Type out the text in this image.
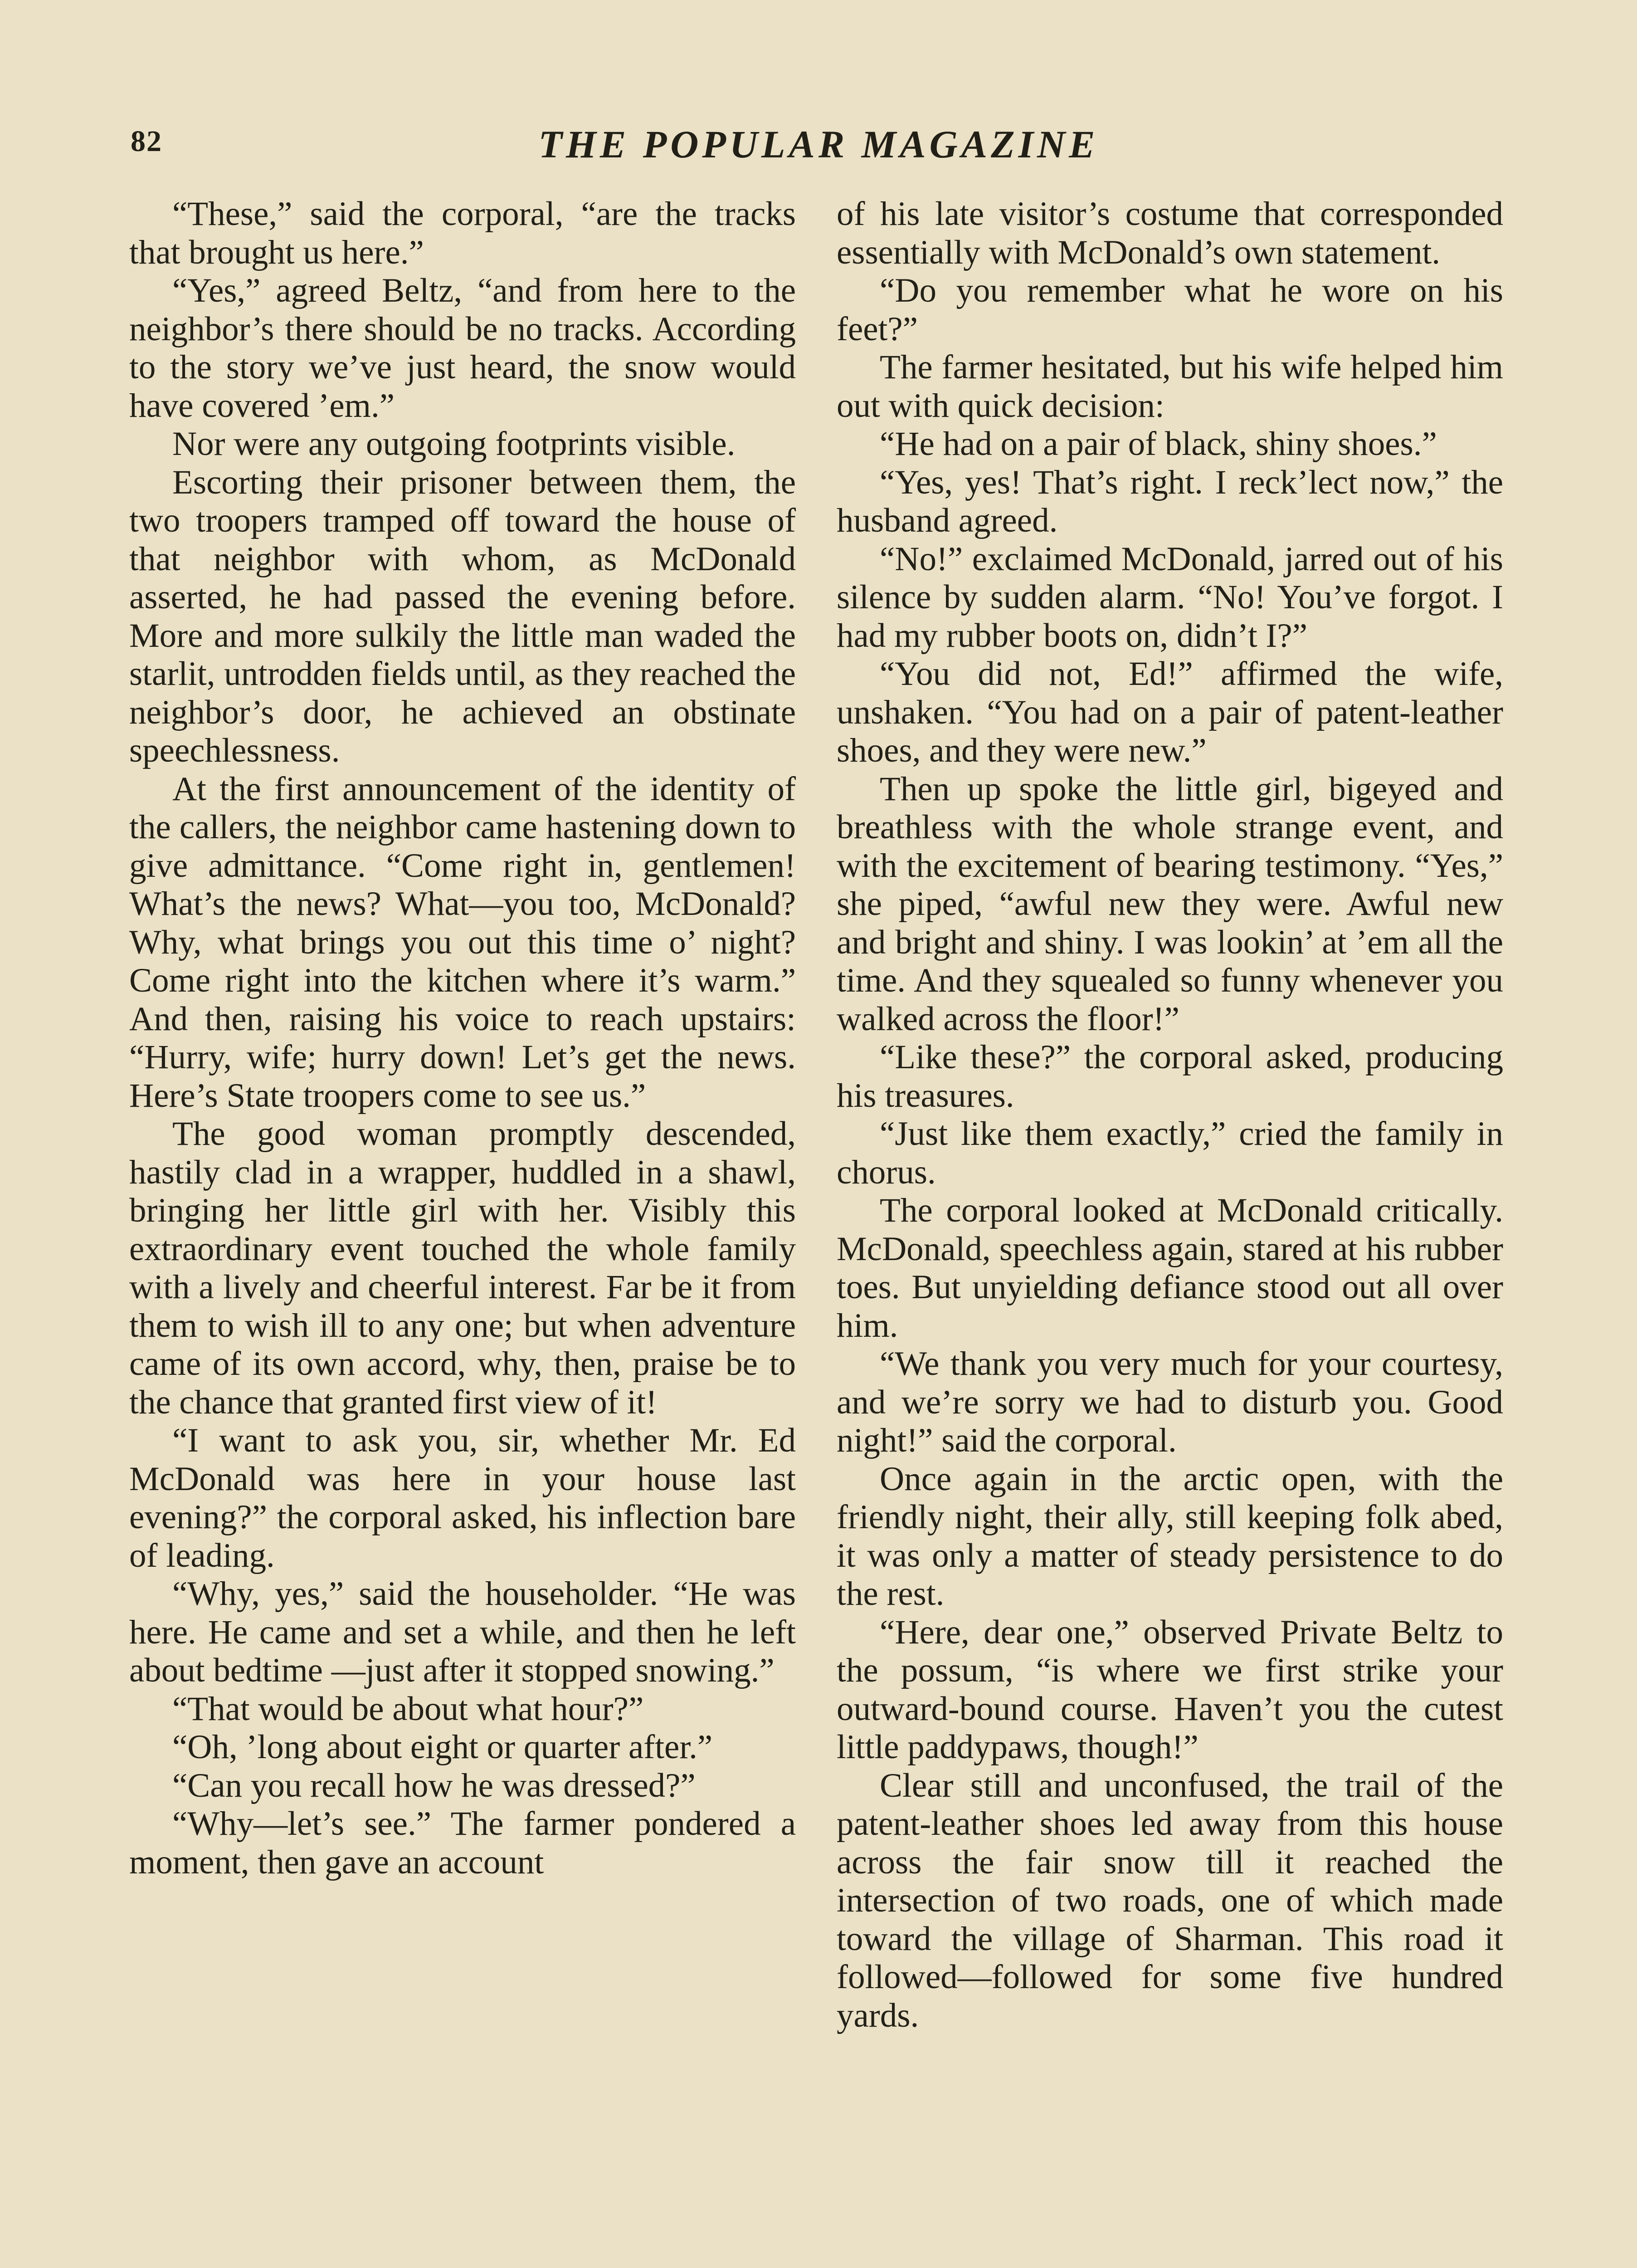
82	THE POPULAR MAGAZINE

“These,” said the corporal, “are the tracks that brought us here.”

“Yes,” agreed Beltz, “and from here to the neighbor’s there should be no tracks. According to the story we’ve just heard, the snow would have covered ’em.”

Nor were any outgoing footprints visible.

Escorting their prisoner between them, the two troopers tramped off toward the house of that neighbor with whom, as McDonald asserted, he had passed the evening before. More and more sulkily the little man waded the starlit, untrodden fields until, as they reached the neighbor’s door, he achieved an obstinate speechlessness.

At the first announcement of the identity of the callers, the neighbor came hastening down to give admittance. “Come right in, gentlemen! What’s the news? What—you too, McDonald? Why, what brings you out this time o’ night? Come right into the kitchen where it’s warm.” And then, raising his voice to reach upstairs: “Hurry, wife; hurry down! Let’s get the news. Here’s State troopers come to see us.”

The good woman promptly descended, hastily clad in a wrapper, huddled in a shawl, bringing her little girl with her. Visibly this extraordinary event touched the whole family with a lively and cheerful interest. Far be it from them to wish ill to any one; but when adventure came of its own accord, why, then, praise be to the chance that granted first view of it!

“I want to ask you, sir, whether Mr. Ed McDonald was here in your house last evening?” the corporal asked, his inflection bare of leading.

“Why, yes,” said the householder. “He was here. He came and set a while, and then he left about bedtime —just after it stopped snowing.”

“That would be about what hour?”

“Oh, ’long about eight or quarter after.”

“Can you recall how he was dressed?”

“Why—let’s see.” The farmer pondered a moment, then gave an account

of his late visitor’s costume that corresponded essentially with McDonald’s own statement.

“Do you remember what he wore on his feet?”

The farmer hesitated, but his wife helped him out with quick decision:

“He had on a pair of black, shiny shoes.”

“Yes, yes! That’s right. I reck’lect now,” the husband agreed.

“No!” exclaimed McDonald, jarred out of his silence by sudden alarm. “No! You’ve forgot. I had my rubber boots on, didn’t I?”

“You did not, Ed!” affirmed the wife, unshaken. “You had on a pair of patent-leather shoes, and they were new.”

Then up spoke the little girl, bigeyed and breathless with the whole strange event, and with the excitement of bearing testimony. “Yes,” she piped, “awful new they were. Awful new and bright and shiny. I was lookin’ at ’em all the time. And they squealed so funny whenever you walked across the floor!”

“Like these?” the corporal asked, producing his treasures.

“Just like them exactly,” cried the family in chorus.

The corporal looked at McDonald critically. McDonald, speechless again, stared at his rubber toes. But unyielding defiance stood out all over him.

“We thank you very much for your courtesy, and we’re sorry we had to disturb you. Good night!” said the corporal.

Once again in the arctic open, with the friendly night, their ally, still keeping folk abed, it was only a matter of steady persistence to do the rest.

“Here, dear one,” observed Private Beltz to the possum, “is where we first strike your outward-bound course. Haven’t you the cutest little paddypaws, though!”

Clear still and unconfused, the trail of the patent-leather shoes led away from this house across the fair snow till it reached the intersection of two roads, one of which made toward the village of Sharman. This road it followed—followed for some five hundred yards.
